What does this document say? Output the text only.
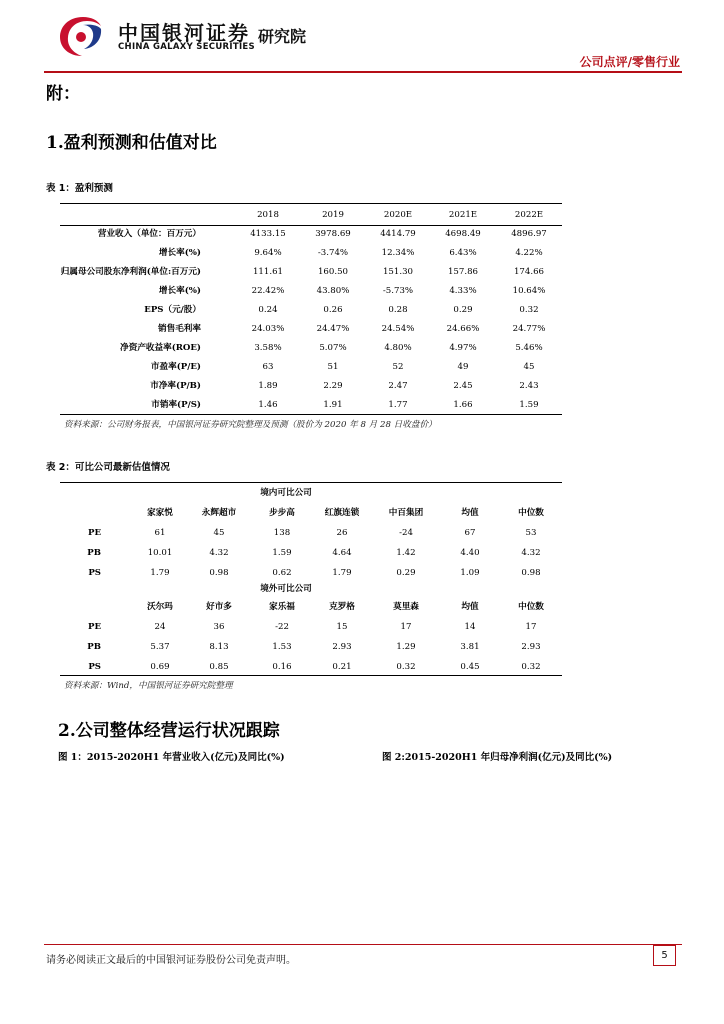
中国银河证券
CHINA GALAXY SECURITIES
研究院
公司点评/零售行业
附：
1.盈利预测和估值对比
表 1：盈利预测
2018	2019	2020E	2021E	2022E
营业收入（单位：百万元）	4133.15	3978.69	4414.79	4698.49	4896.97
增长率(%)	9.64%	-3.74%	12.34%	6.43%	4.22%
归属母公司股东净利润(单位:百万元)	111.61	160.50	151.30	157.86	174.66
增长率(%)	22.42%	43.80%	-5.73%	4.33%	10.64%
EPS（元/股）	0.24	0.26	0.28	0.29	0.32
销售毛利率	24.03%	24.47%	24.54%	24.66%	24.77%
净资产收益率(ROE)	3.58%	5.07%	4.80%	4.97%	5.46%
市盈率(P/E)	63	51	52	49	45
市净率(P/B)	1.89	2.29	2.47	2.45	2.43
市销率(P/S)	1.46	1.91	1.77	1.66	1.59
资料来源：公司财务报表，中国银河证券研究院整理及预测（股价为 2020 年 8 月 28 日收盘价）
表 2：可比公司最新估值情况
境内可比公司
家家悦	永辉超市	步步高	红旗连锁	中百集团	均值	中位数
PE	61	45	138	26	-24	67	53
PB	10.01	4.32	1.59	4.64	1.42	4.40	4.32
PS	1.79	0.98	0.62	1.79	0.29	1.09	0.98
境外可比公司
沃尔玛	好市多	家乐福	克罗格	莫里森	均值	中位数
PE	24	36	-22	15	17	14	17
PB	5.37	8.13	1.53	2.93	1.29	3.81	2.93
PS	0.69	0.85	0.16	0.21	0.32	0.45	0.32
资料来源：Wind，中国银河证券研究院整理
2.公司整体经营运行状况跟踪
图 1：2015-2020H1 年营业收入(亿元)及同比(%)	图 2:2015-2020H1 年归母净利润(亿元)及同比(%)
请务必阅读正文最后的中国银河证券股份公司免责声明。	5
